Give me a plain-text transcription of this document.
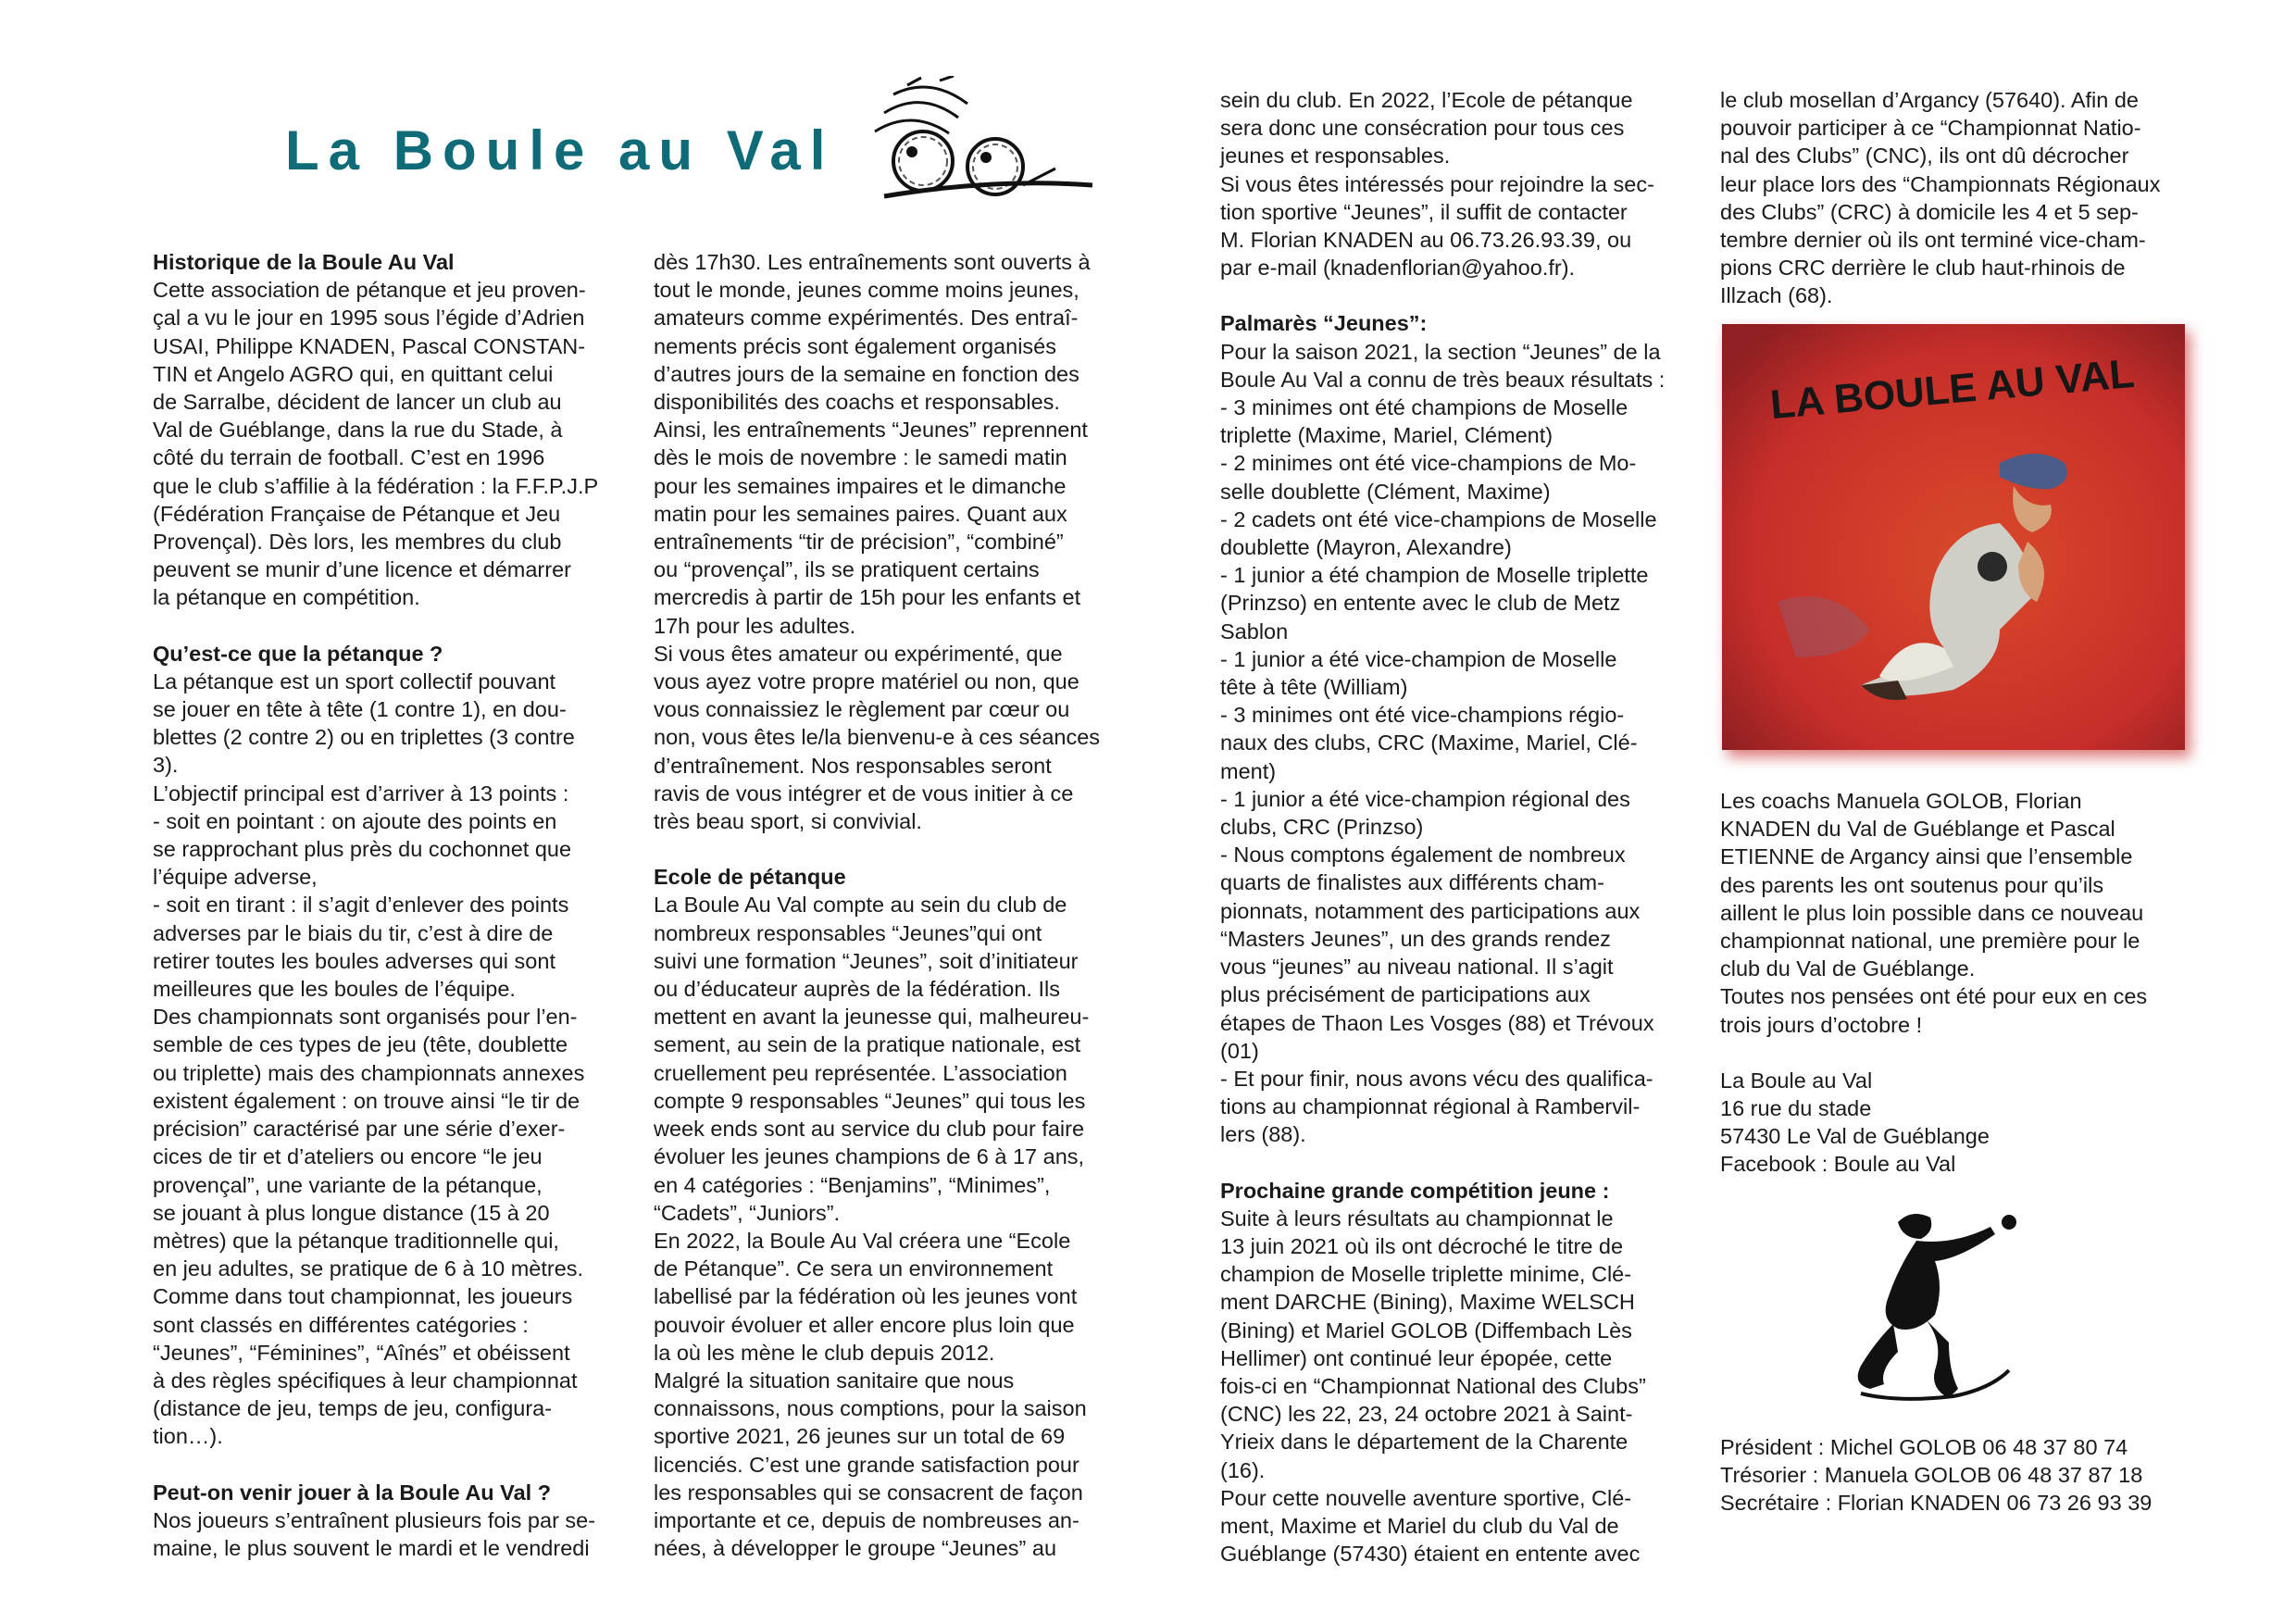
La Boule au Val
Historique de la Boule Au Val

Cette association de pétanque et jeu proven-
çal a vu le jour en 1995 sous l’égide d’Adrien
USAI, Philippe KNADEN, Pascal CONSTAN-
TIN et Angelo AGRO qui, en quittant celui
de Sarralbe, décident de lancer un club au
Val de Guéblange, dans la rue du Stade, à
côté du terrain de football. C’est en 1996
que le club s’affilie à la fédération : la F.F.P.J.P
(Fédération Française de Pétanque et Jeu
Provençal). Dès lors, les membres du club
peuvent se munir d’une licence et démarrer
la pétanque en compétition.

Qu’est-ce que la pétanque ?

La pétanque est un sport collectif pouvant
se jouer en tête à tête (1 contre 1), en dou-
blettes (2 contre 2) ou en triplettes (3 contre
3).
L’objectif principal est d’arriver à 13 points :
- soit en pointant : on ajoute des points en
se rapprochant plus près du cochonnet que
l’équipe adverse,
- soit en tirant : il s’agit d’enlever des points
adverses par le biais du tir, c’est à dire de
retirer toutes les boules adverses qui sont
meilleures que les boules de l’équipe.
Des championnats sont organisés pour l’en-
semble de ces types de jeu (tête, doublette
ou triplette) mais des championnats annexes
existent également : on trouve ainsi “le tir de
précision” caractérisé par une série d’exer-
cices de tir et d’ateliers ou encore “le jeu
provençal”, une variante de la pétanque,
se jouant à plus longue distance (15 à 20
mètres) que la pétanque traditionnelle qui,
en jeu adultes, se pratique de 6 à 10 mètres.
Comme dans tout championnat, les joueurs
sont classés en différentes catégories :
“Jeunes”, “Féminines”, “Aînés” et obéissent
à des règles spécifiques à leur championnat
(distance de jeu, temps de jeu, configura-
tion…).

Peut-on venir jouer à la Boule Au Val ?

Nos joueurs s’entraînent plusieurs fois par se-
maine, le plus souvent le mardi et le vendredi

dès 17h30. Les entraînements sont ouverts à
tout le monde, jeunes comme moins jeunes,
amateurs comme expérimentés. Des entraî-
nements précis sont également organisés
d’autres jours de la semaine en fonction des
disponibilités des coachs et responsables.
Ainsi, les entraînements “Jeunes” reprennent
dès le mois de novembre : le samedi matin
pour les semaines impaires et le dimanche
matin pour les semaines paires. Quant aux
entraînements “tir de précision”, “combiné”
ou “provençal”, ils se pratiquent certains
mercredis à partir de 15h pour les enfants et
17h pour les adultes.
Si vous êtes amateur ou expérimenté, que
vous ayez votre propre matériel ou non, que
vous connaissiez le règlement par cœur ou
non, vous êtes le/la bienvenu-e à ces séances
d’entraînement. Nos responsables seront
ravis de vous intégrer et de vous initier à ce
très beau sport, si convivial.

Ecole de pétanque

La Boule Au Val compte au sein du club de
nombreux responsables “Jeunes”qui ont
suivi une formation “Jeunes”, soit d’initiateur
ou d’éducateur auprès de la fédération. Ils
mettent en avant la jeunesse qui, malheureu-
sement, au sein de la pratique nationale, est
cruellement peu représentée. L’association
compte 9 responsables “Jeunes” qui tous les
week ends sont au service du club pour faire
évoluer les jeunes champions de 6 à 17 ans,
en 4 catégories : “Benjamins”, “Minimes”,
“Cadets”, “Juniors”.
En 2022, la Boule Au Val créera une “Ecole
de Pétanque”. Ce sera un environnement
labellisé par la fédération où les jeunes vont
pouvoir évoluer et aller encore plus loin que
la où les mène le club depuis 2012.
Malgré la situation sanitaire que nous
connaissons, nous comptions, pour la saison
sportive 2021, 26 jeunes sur un total de 69
licenciés. C’est une grande satisfaction pour
les responsables qui se consacrent de façon
importante et ce, depuis de nombreuses an-
nées, à développer le groupe “Jeunes” au

sein du club. En 2022, l’Ecole de pétanque
sera donc une consécration pour tous ces
jeunes et responsables.
Si vous êtes intéressés pour rejoindre la sec-
tion sportive “Jeunes”, il suffit de contacter
M. Florian KNADEN au 06.73.26.93.39, ou
par e-mail (knadenflorian@yahoo.fr).

Palmarès “Jeunes”:

Pour la saison 2021, la section “Jeunes” de la
Boule Au Val a connu de très beaux résultats :
- 3 minimes ont été champions de Moselle
triplette (Maxime, Mariel, Clément)
- 2 minimes ont été vice-champions de Mo-
selle doublette (Clément, Maxime)
- 2 cadets ont été vice-champions de Moselle
doublette (Mayron, Alexandre)
- 1 junior a été champion de Moselle triplette
(Prinzso) en entente avec le club de Metz
Sablon
- 1 junior a été vice-champion de Moselle
tête à tête (William)
- 3 minimes ont été vice-champions régio-
naux des clubs, CRC (Maxime, Mariel, Clé-
ment)
- 1 junior a été vice-champion régional des
clubs, CRC (Prinzso)
- Nous comptons également de nombreux
quarts de finalistes aux différents cham-
pionnats, notamment des participations aux
“Masters Jeunes”, un des grands rendez
vous “jeunes” au niveau national. Il s’agit
plus précisément de participations aux
étapes de Thaon Les Vosges (88) et Trévoux
(01)
- Et pour finir, nous avons vécu des qualifica-
tions au championnat régional à Rambervil-
lers (88).

Prochaine grande compétition jeune :

Suite à leurs résultats au championnat le
13 juin 2021 où ils ont décroché le titre de
champion de Moselle triplette minime, Clé-
ment DARCHE (Bining), Maxime WELSCH
(Bining) et Mariel GOLOB (Diffembach Lès
Hellimer) ont continué leur épopée, cette
fois-ci en “Championnat National des Clubs”
(CNC) les 22, 23, 24 octobre 2021 à Saint-
Yrieix dans le département de la Charente
(16).
Pour cette nouvelle aventure sportive, Clé-
ment, Maxime et Mariel du club du Val de
Guéblange (57430) étaient en entente avec

le club mosellan d’Argancy (57640). Afin de
pouvoir participer à ce “Championnat Natio-
nal des Clubs” (CNC), ils ont dû décrocher
leur place lors des “Championnats Régionaux
des Clubs” (CRC) à domicile les 4 et 5 sep-
tembre dernier où ils ont terminé vice-cham-
pions CRC derrière le club haut-rhinois de
Illzach (68).

LA BOULE AU VAL

Les coachs Manuela GOLOB, Florian
KNADEN du Val de Guéblange et Pascal
ETIENNE de Argancy ainsi que l’ensemble
des parents les ont soutenus pour qu’ils
aillent le plus loin possible dans ce nouveau
championnat national, une première pour le
club du Val de Guéblange.
Toutes nos pensées ont été pour eux en ces
trois jours d’octobre !

La Boule au Val
16 rue du stade
57430 Le Val de Guéblange
Facebook : Boule au Val

Président : Michel GOLOB 06 48 37 80 74
Trésorier : Manuela GOLOB 06 48 37 87 18
Secrétaire : Florian KNADEN 06 73 26 93 39
